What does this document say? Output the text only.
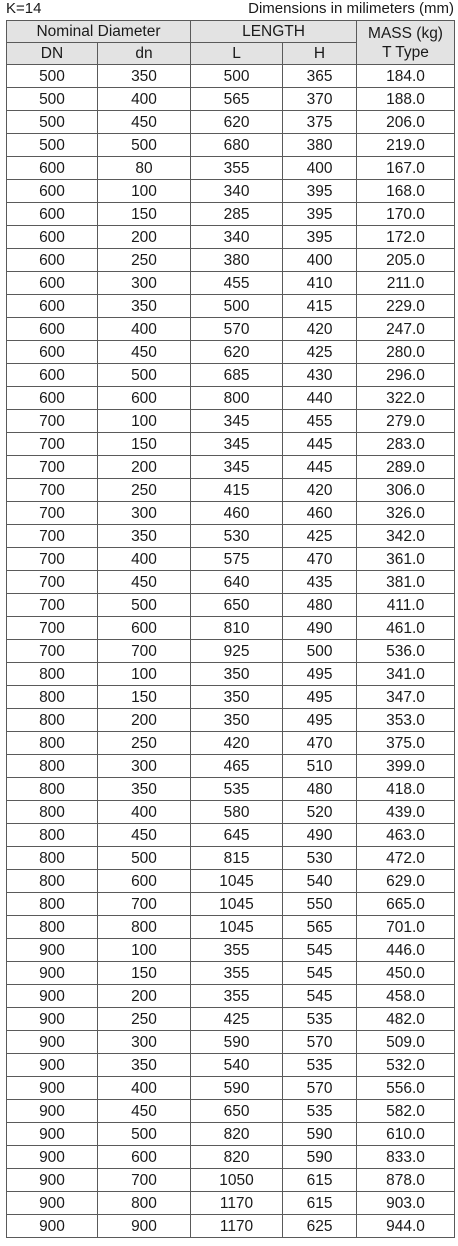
K=14	Dimensions in milimeters (mm)
Nominal Diameter		LENGTH		MASS (kg)
T Type
DN	dn	L	H	
500	350	500	365	184.0
500	400	565	370	188.0
500	450	620	375	206.0
500	500	680	380	219.0
600	80	355	400	167.0
600	100	340	395	168.0
600	150	285	395	170.0
600	200	340	395	172.0
600	250	380	400	205.0
600	300	455	410	211.0
600	350	500	415	229.0
600	400	570	420	247.0
600	450	620	425	280.0
600	500	685	430	296.0
600	600	800	440	322.0
700	100	345	455	279.0
700	150	345	445	283.0
700	200	345	445	289.0
700	250	415	420	306.0
700	300	460	460	326.0
700	350	530	425	342.0
700	400	575	470	361.0
700	450	640	435	381.0
700	500	650	480	411.0
700	600	810	490	461.0
700	700	925	500	536.0
800	100	350	495	341.0
800	150	350	495	347.0
800	200	350	495	353.0
800	250	420	470	375.0
800	300	465	510	399.0
800	350	535	480	418.0
800	400	580	520	439.0
800	450	645	490	463.0
800	500	815	530	472.0
800	600	1045	540	629.0
800	700	1045	550	665.0
800	800	1045	565	701.0
900	100	355	545	446.0
900	150	355	545	450.0
900	200	355	545	458.0
900	250	425	535	482.0
900	300	590	570	509.0
900	350	540	535	532.0
900	400	590	570	556.0
900	450	650	535	582.0
900	500	820	590	610.0
900	600	820	590	833.0
900	700	1050	615	878.0
900	800	1170	615	903.0
900	900	1170	625	944.0
